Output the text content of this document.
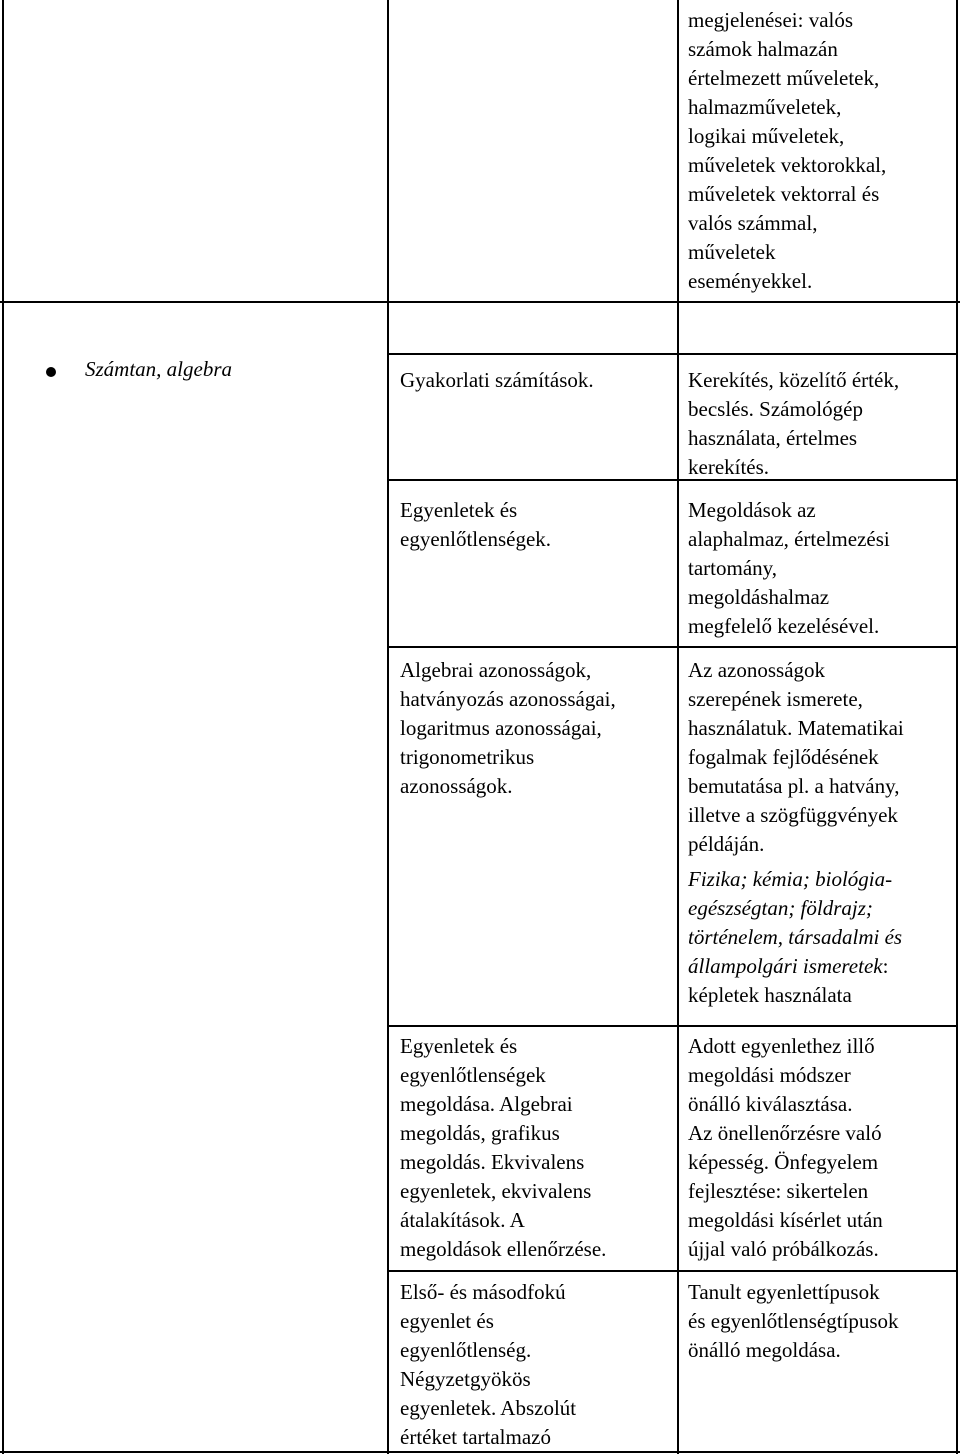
Számtan, algebra
megjelenései: valós
számok halmazán
értelmezett műveletek,
halmazműveletek,
logikai műveletek,
műveletek vektorokkal,
műveletek vektorral és
valós számmal,
műveletek
eseményekkel.
Gyakorlati számítások.	Kerekítés, közelítő érték,
becslés. Számológép
használata, értelmes
kerekítés.
Egyenletek és
egyenlőtlenségek.
Megoldások az
alaphalmaz, értelmezési
tartomány,
megoldáshalmaz
megfelelő kezelésével.
Algebrai azonosságok,
hatványozás azonosságai,
logaritmus azonosságai,
trigonometrikus
azonosságok.
Az azonosságok
szerepének ismerete,
használatuk. Matematikai
fogalmak fejlődésének
bemutatása pl. a hatvány,
illetve a szögfüggvények
példáján.
Fizika; kémia; biológia-
egészségtan; földrajz;
történelem, társadalmi és
állampolgári ismeretek:
képletek használata
Egyenletek és
egyenlőtlenségek
megoldása. Algebrai
megoldás, grafikus
megoldás. Ekvivalens
egyenletek, ekvivalens
átalakítások. A
megoldások ellenőrzése.
Adott egyenlethez illő
megoldási módszer
önálló kiválasztása.
Az önellenőrzésre való
képesség. Önfegyelem
fejlesztése: sikertelen
megoldási kísérlet után
újjal való próbálkozás.
Első- és másodfokú
egyenlet és
egyenlőtlenség.
Négyzetgyökös
egyenletek. Abszolút
értéket tartalmazó
Tanult egyenlettípusok
és egyenlőtlenségtípusok
önálló megoldása.
